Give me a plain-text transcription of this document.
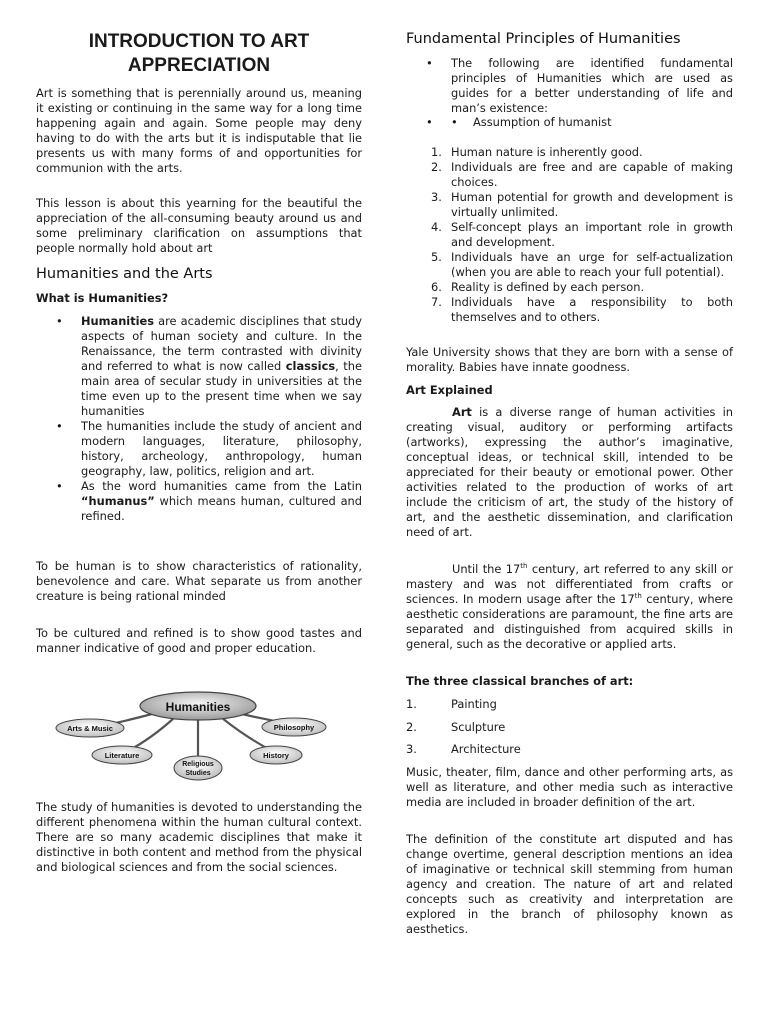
INTRODUCTION TO ART APPRECIATION

Art is something that is perennially around us, meaning it existing or continuing in the same way for a long time happening again and again. Some people may deny having to do with the arts but it is indisputable that lie presents us with many forms of and opportunities for communion with the arts.

This lesson is about this yearning for the beautiful the appreciation of the all-consuming beauty around us and some preliminary clarification on assumptions that people normally hold about art

Humanities and the Arts
What is Humanities?
• Humanities are academic disciplines that study aspects of human society and culture. In the Renaissance, the term contrasted with divinity and referred to what is now called classics, the main area of secular study in universities at the time even up to the present time when we say humanities
• The humanities include the study of ancient and modern languages, literature, philosophy, history, archeology, anthropology, human geography, law, politics, religion and art.
• As the word humanities came from the Latin “humanus” which means human, cultured and refined.

To be human is to show characteristics of rationality, benevolence and care. What separate us from another creature is being rational minded

To be cultured and refined is to show good tastes and manner indicative of good and proper education.

The study of humanities is devoted to understanding the different phenomena within the human cultural context. There are so many academic disciplines that make it distinctive in both content and method from the physical and biological sciences and from the social sciences.

Humanities
Arts & Music	Philosophy
Literature	History
Religious
Studies
Fundamental Principles of Humanities
• The following are identified fundamental principles of Humanities which are used as guides for a better understanding of life and man’s existence:
• • Assumption of humanist
1. Human nature is inherently good.
2. Individuals are free and are capable of making choices.
3. Human potential for growth and development is virtually unlimited.
4. Self-concept plays an important role in growth and development.
5. Individuals have an urge for self-actualization (when you are able to reach your full potential).
6. Reality is defined by each person.
7. Individuals have a responsibility to both themselves and to others.

Yale University shows that they are born with a sense of morality. Babies have innate goodness.

Art Explained

Art is a diverse range of human activities in creating visual, auditory or performing artifacts (artworks), expressing the author’s imaginative, conceptual ideas, or technical skill, intended to be appreciated for their beauty or emotional power. Other activities related to the production of works of art include the criticism of art, the study of the history of art, and the aesthetic dissemination, and clarification need of art.

Until the 17th century, art referred to any skill or mastery and was not differentiated from crafts or sciences. In modern usage after the 17th century, where aesthetic considerations are paramount, the fine arts are separated and distinguished from acquired skills in general, such as the decorative or applied arts.

The three classical branches of art:
1.	Painting
2.	Sculpture
3.	Architecture

Music, theater, film, dance and other performing arts, as well as literature, and other media such as interactive media are included in broader definition of the art.

The definition of the constitute art disputed and has change overtime, general description mentions an idea of imaginative or technical skill stemming from human agency and creation. The nature of art and related concepts such as creativity and interpretation are explored in the branch of philosophy known as aesthetics.
